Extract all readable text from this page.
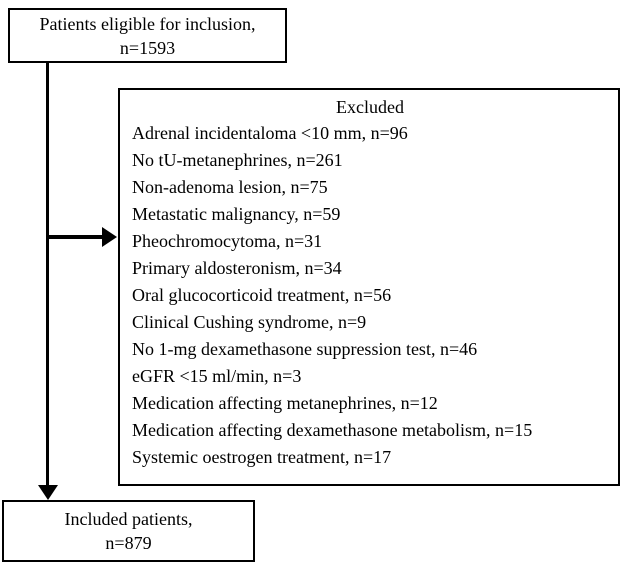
Patients eligible for inclusion,
n=1593
Excluded
Adrenal incidentaloma <10 mm, n=96
No tU-metanephrines, n=261
Non-adenoma lesion, n=75
Metastatic malignancy, n=59
Pheochromocytoma, n=31
Primary aldosteronism, n=34
Oral glucocorticoid treatment, n=56
Clinical Cushing syndrome, n=9
No 1-mg dexamethasone suppression test, n=46
eGFR <15 ml/min, n=3
Medication affecting metanephrines, n=12
Medication affecting dexamethasone metabolism, n=15
Systemic oestrogen treatment, n=17
Included patients,
n=879
